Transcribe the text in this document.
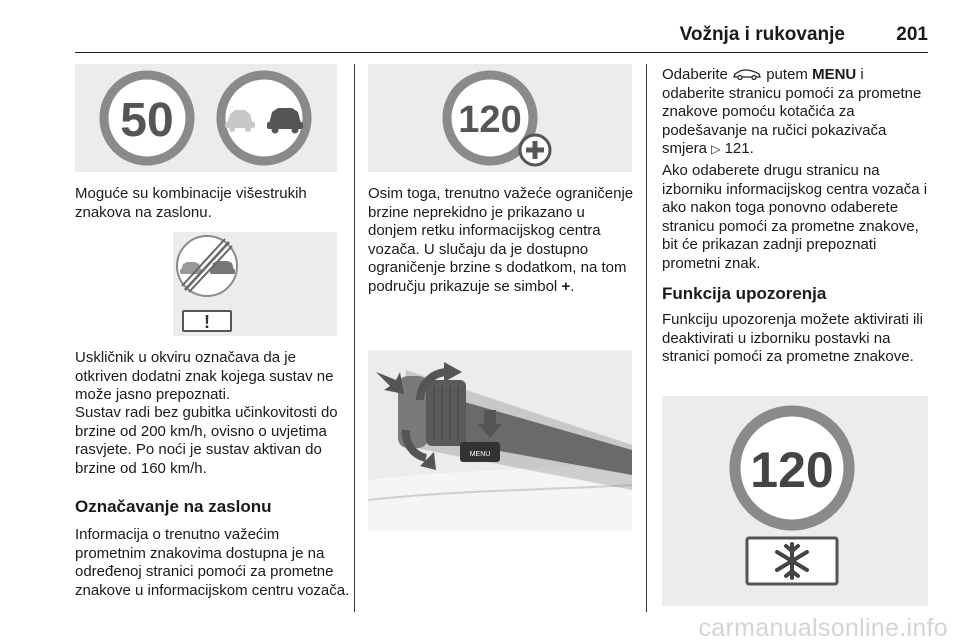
Vožnja i rukovanje	201
50

Moguće su kombinacije višestrukih znakova na zaslonu.

!

Uskličnik u okviru označava da je otkriven dodatni znak kojega sustav ne može jasno prepoznati.

Sustav radi bez gubitka učinkovitosti do brzine od 200 km/h, ovisno o uvjetima rasvjete. Po noći je sustav aktivan do brzine od 160 km/h.

Označavanje na zaslonu

Informacija o trenutno važećim prometnim znakovima dostupna je na određenoj stranici pomoći za prometne znakove u informacijskom centru vozača.

120

Osim toga, trenutno važeće ograničenje brzine neprekidno je prikazano u donjem retku informacijskog centra vozača. U slučaju da je dostupno ograničenje brzine s dodatkom, na tom području prikazuje se simbol +.

MENU

Odaberite  putem MENU i odaberite stranicu pomoći za prometne znakove pomoću kotačića za podešavanje na ručici pokazivača smjera ▷ 121.

Ako odaberete drugu stranicu na izborniku informacijskog centra vozača i ako nakon toga ponovno odaberete stranicu pomoći za prometne znakove, bit će prikazan zadnji prepoznati prometni znak.

Funkcija upozorenja

Funkciju upozorenja možete aktivirati ili deaktivirati u izborniku postavki na stranici pomoći za prometne znakove.

120
carmanualsonline.info
